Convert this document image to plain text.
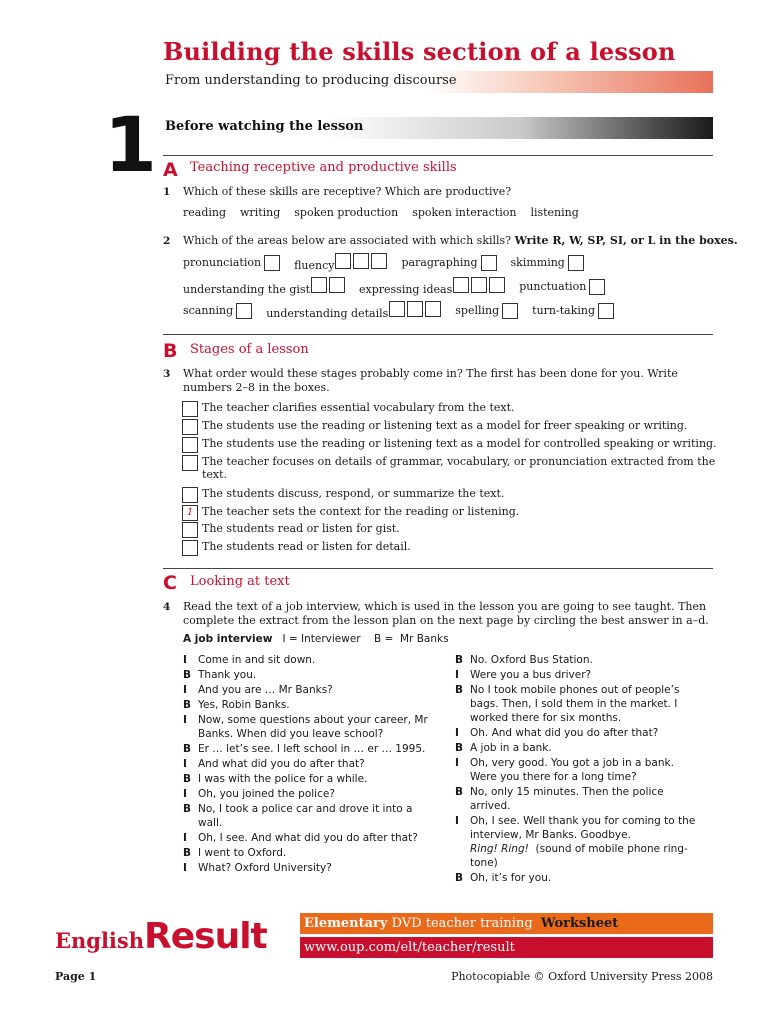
Building the skills section of a lesson
From understanding to producing discourse
1 Before watching the lesson
A Teaching receptive and productive skills
1 Which of these skills are receptive? Which are productive?
reading writing spoken production spoken interaction listening
2 Which of the areas below are associated with which skills? Write R, W, SP, SI, or L in the boxes.
pronunciation	fluency	paragraphing	skimming
understanding the gist	expressing ideas	punctuation
scanning	understanding details	spelling	turn-taking
B Stages of a lesson
3 What order would these stages probably come in? The first has been done for you. Write numbers 2–8 in the boxes.
The teacher clarifies essential vocabulary from the text.
The students use the reading or listening text as a model for freer speaking or writing.
The students use the reading or listening text as a model for controlled speaking or writing.
The teacher focuses on details of grammar, vocabulary, or pronunciation extracted from the text.
The students discuss, respond, or summarize the text.
1 The teacher sets the context for the reading or listening.
The students read or listen for gist.
The students read or listen for detail.
C Looking at text
4 Read the text of a job interview, which is used in the lesson you are going to see taught. Then complete the extract from the lesson plan on the next page by circling the best answer in a–d.
A job interview I = Interviewer    B =  Mr Banks
I	Come in and sit down.
B Thank you.
I	And you are … Mr Banks?
B Yes, Robin Banks.
I	Now, some questions about your career, Mr Banks. When did you leave school?
B Er … let’s see. I left school in … er … 1995.
I	And what did you do after that?
B I was with the police for a while.
I	Oh, you joined the police?
B No, I took a police car and drove it into a wall.
I	Oh, I see. And what did you do after that?
B I went to Oxford.
I	What? Oxford University?
B No. Oxford Bus Station.
I	Were you a bus driver?
B No I took mobile phones out of people’s bags. Then, I sold them in the market. I worked there for six months.
I	Oh. And what did you do after that?
B A job in a bank.
I	Oh, very good. You got a job in a bank. Were you there for a long time?
B No, only 15 minutes. Then the police arrived.
I	Oh, I see. Well thank you for coming to the interview, Mr Banks. Goodbye.
Ring! Ring! (sound of mobile phone ring-tone)
B Oh, it’s for you.
EnglishResult	Elementary
DVD teacher training
Worksheet
www.oup.com/elt/teacher/result
Page 1	Photocopiable © Oxford University Press 2008
